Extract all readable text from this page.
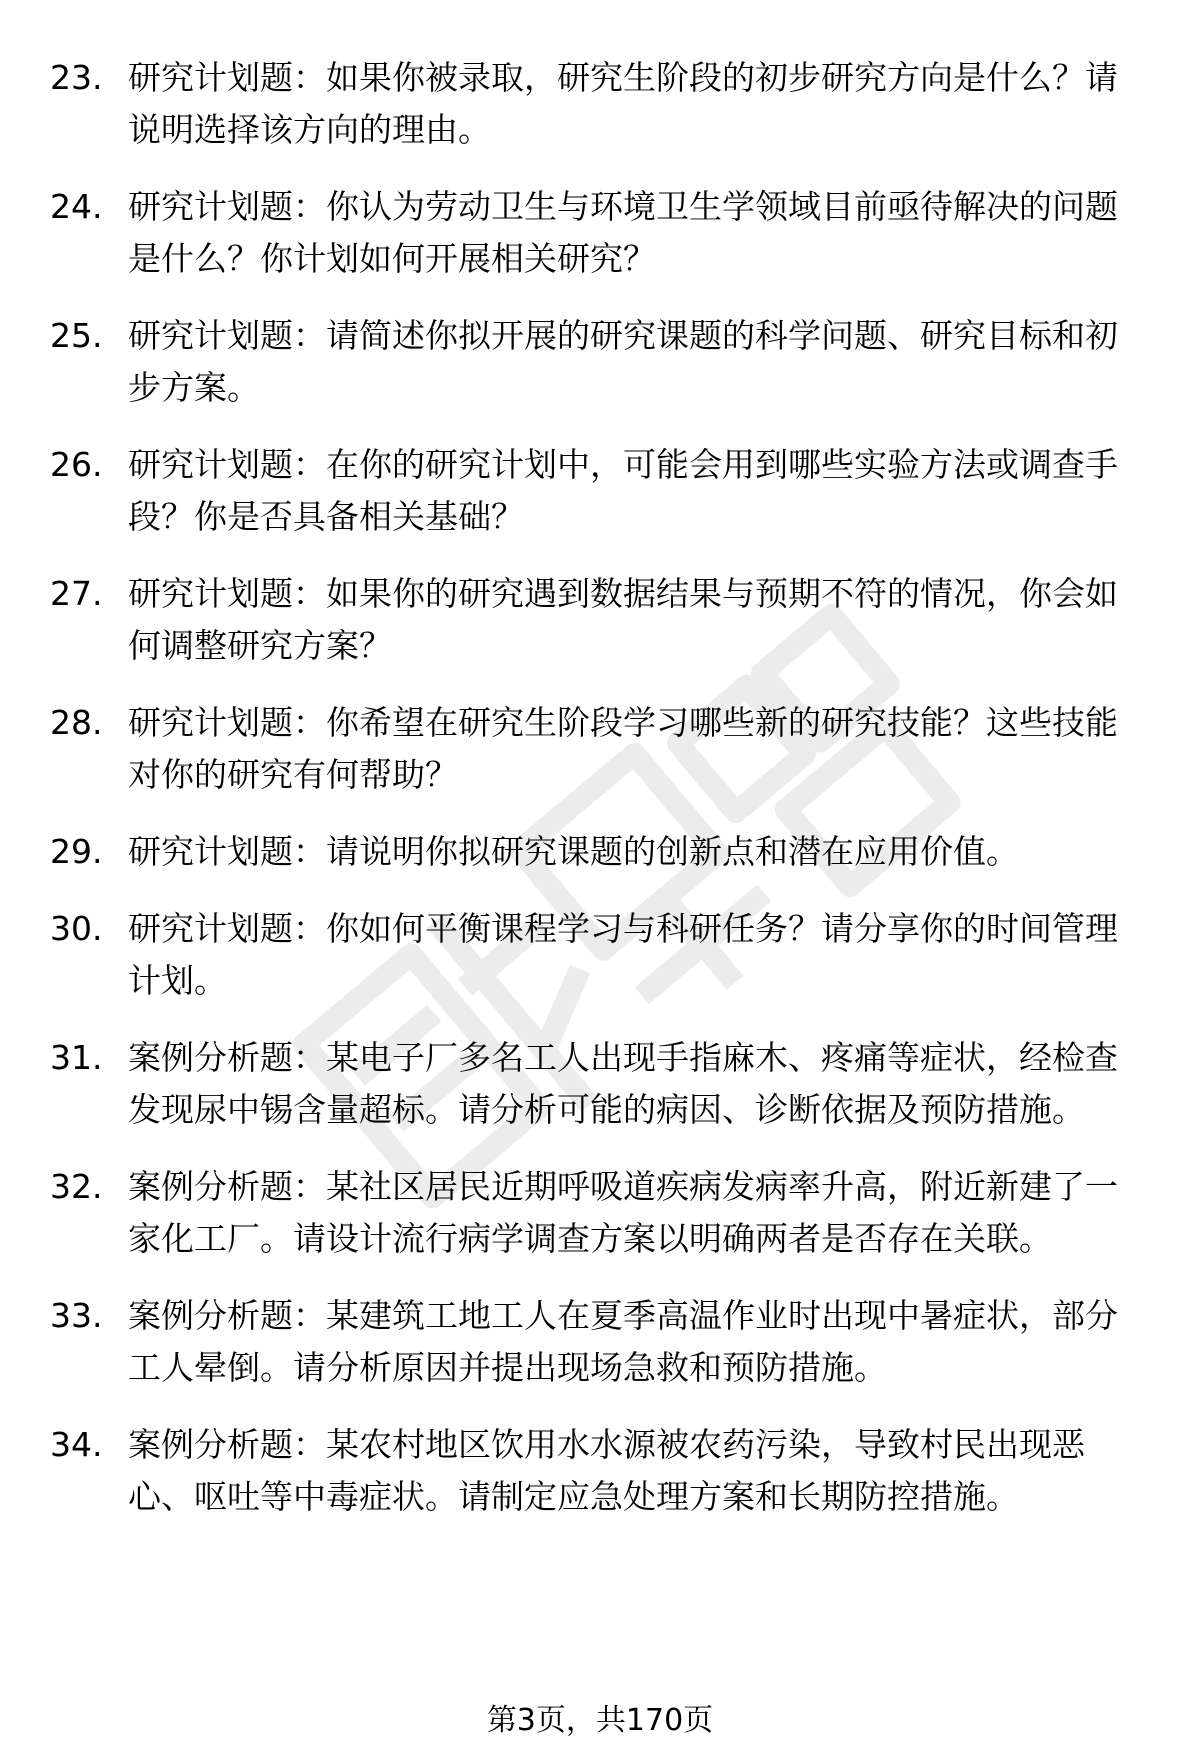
23. 研究计划题：如果你被录取，研究生阶段的初步研究方向是什么？请说明选择该方向的理由。
24. 研究计划题：你认为劳动卫生与环境卫生学领域目前亟待解决的问题是什么？你计划如何开展相关研究？
25. 研究计划题：请简述你拟开展的研究课题的科学问题、研究目标和初步方案。
26. 研究计划题：在你的研究计划中，可能会用到哪些实验方法或调查手段？你是否具备相关基础？
27. 研究计划题：如果你的研究遇到数据结果与预期不符的情况，你会如何调整研究方案？
28. 研究计划题：你希望在研究生阶段学习哪些新的研究技能？这些技能对你的研究有何帮助？
29. 研究计划题：请说明你拟研究课题的创新点和潜在应用价值。
30. 研究计划题：你如何平衡课程学习与科研任务？请分享你的时间管理计划。
31. 案例分析题：某电子厂多名工人出现手指麻木、疼痛等症状，经检查发现尿中锡含量超标。请分析可能的病因、诊断依据及预防措施。
32. 案例分析题：某社区居民近期呼吸道疾病发病率升高，附近新建了一家化工厂。请设计流行病学调查方案以明确两者是否存在关联。
33. 案例分析题：某建筑工地工人在夏季高温作业时出现中暑症状，部分工人晕倒。请分析原因并提出现场急救和预防措施。
34. 案例分析题：某农村地区饮用水水源被农药污染，导致村民出现恶心、呕吐等中毒症状。请制定应急处理方案和长期防控措施。
第3页，共170页
